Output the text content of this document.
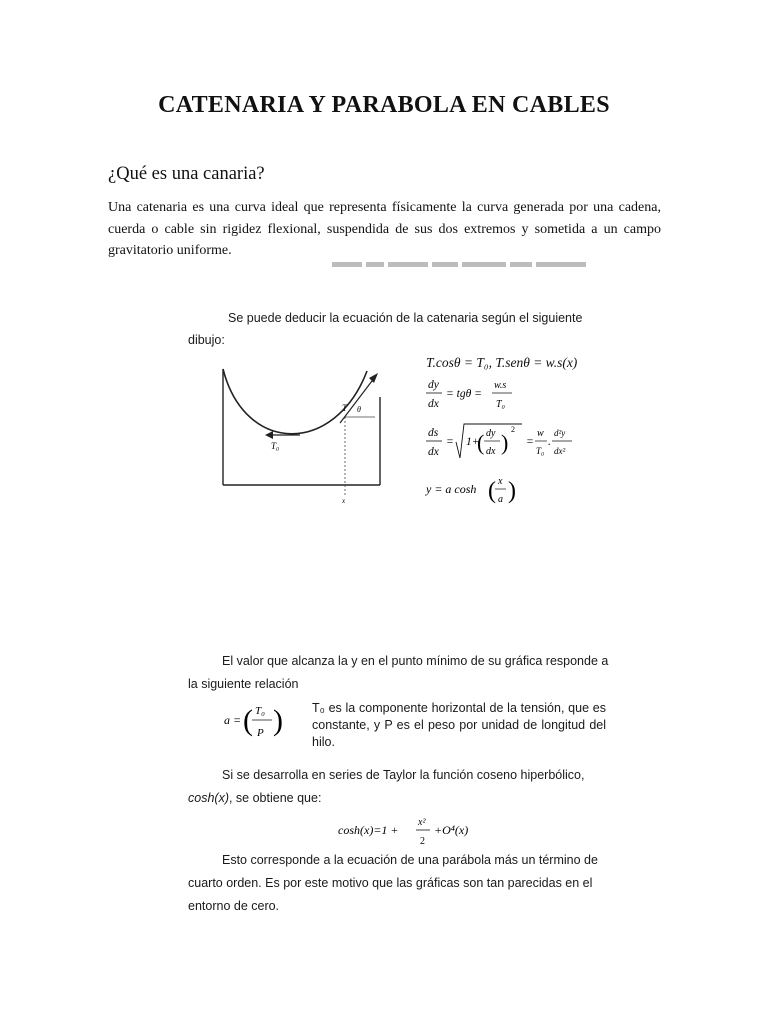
CATENARIA Y PARABOLA EN CABLES
¿Qué es una canaria?

Una catenaria es una curva ideal que representa físicamente la curva generada por una cadena, cuerda o cable sin rigidez flexional, suspendida de sus dos extremos y sometida a un campo gravitatorio uniforme.

Se puede deducir la ecuación de la catenaria según el siguiente

dibujo:

T₀
T θ
x
T.cosθ = T₀, T.senθ = w.s(x)
dy
dx
= tgθ =
w.s
T₀
ds
dx
= 1+
( dy
dx )
2
=
w
T₀
.
d²y
dx²
y = a cosh ( x
a )

El valor que alcanza la y en el punto mínimo de su gráfica responde a

la siguiente relación

a = ( T₀
P ) T₀ es la componente horizontal de la tensión, que es constante, y P es el peso por unidad de longitud del hilo.

Si se desarrolla en series de Taylor la función coseno hiperbólico,

cosh(x), se obtiene que:

cosh(x)=1 +
x²
2
+O⁴(x)

Esto corresponde a la ecuación de una parábola más un término de

cuarto orden. Es por este motivo que las gráficas son tan parecidas en el

entorno de cero.
